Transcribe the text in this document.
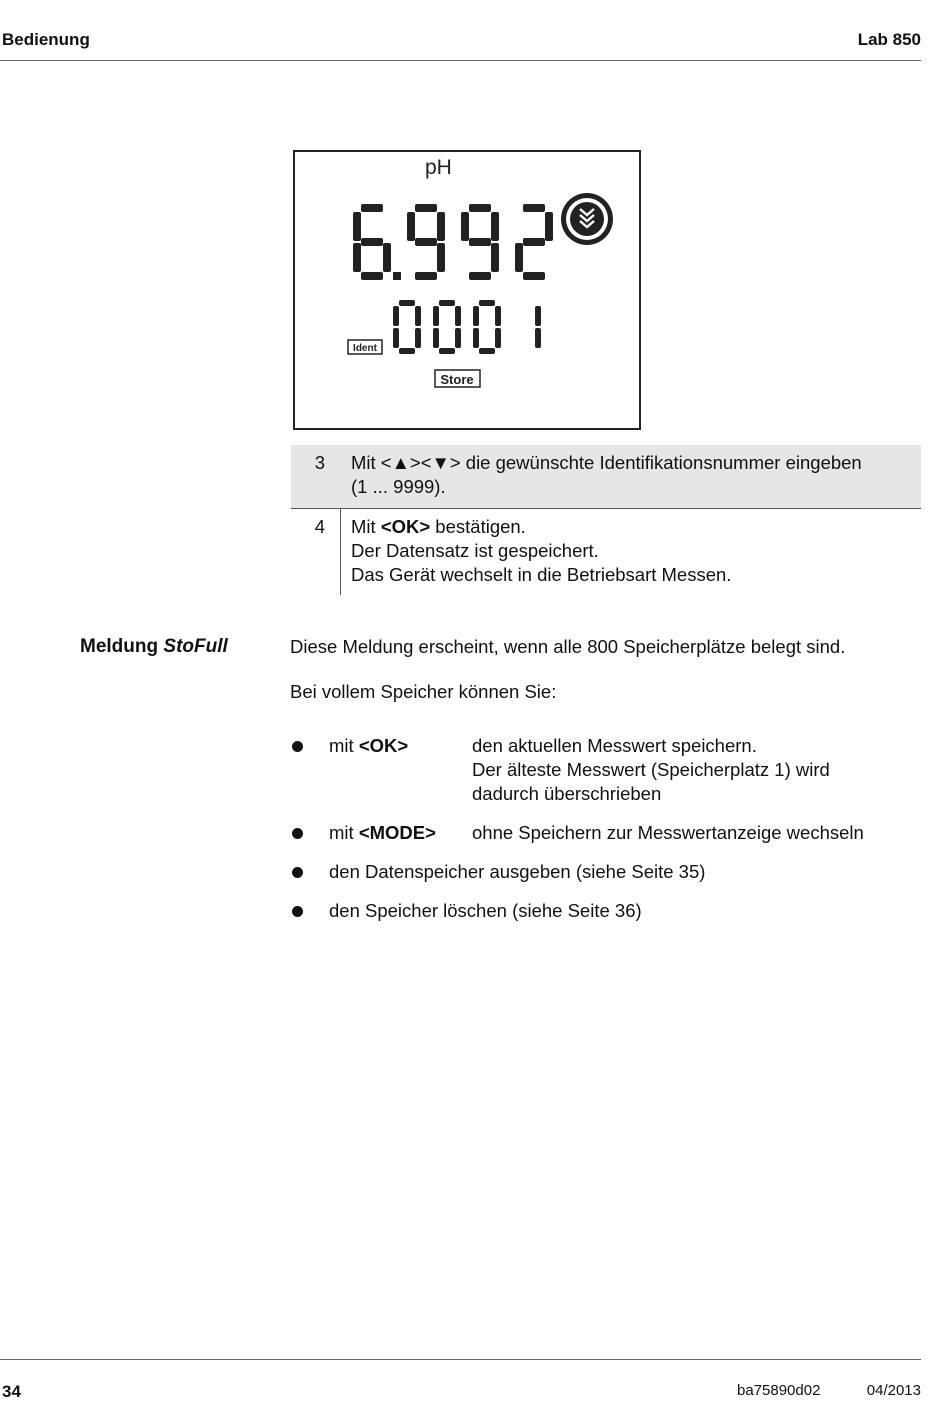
Bedienung	Lab 850
pH
Ident
Store
3	Mit <▲><▼> die gewünschte Identifikationsnummer eingeben
(1 ... 9999).
4	Mit <OK> bestätigen.
Der Datensatz ist gespeichert.
Das Gerät wechselt in die Betriebsart Messen.
Meldung StoFull	Diese Meldung erscheint, wenn alle 800 Speicherplätze belegt sind.
Bei vollem Speicher können Sie:
mit <OK>	den aktuellen Messwert speichern.
Der älteste Messwert (Speicherplatz 1) wird
dadurch überschrieben
mit <MODE> ohne Speichern zur Messwertanzeige wechseln
den Datenspeicher ausgeben (siehe Seite 35)
den Speicher löschen (siehe Seite 36)
34	ba75890d02	04/2013
